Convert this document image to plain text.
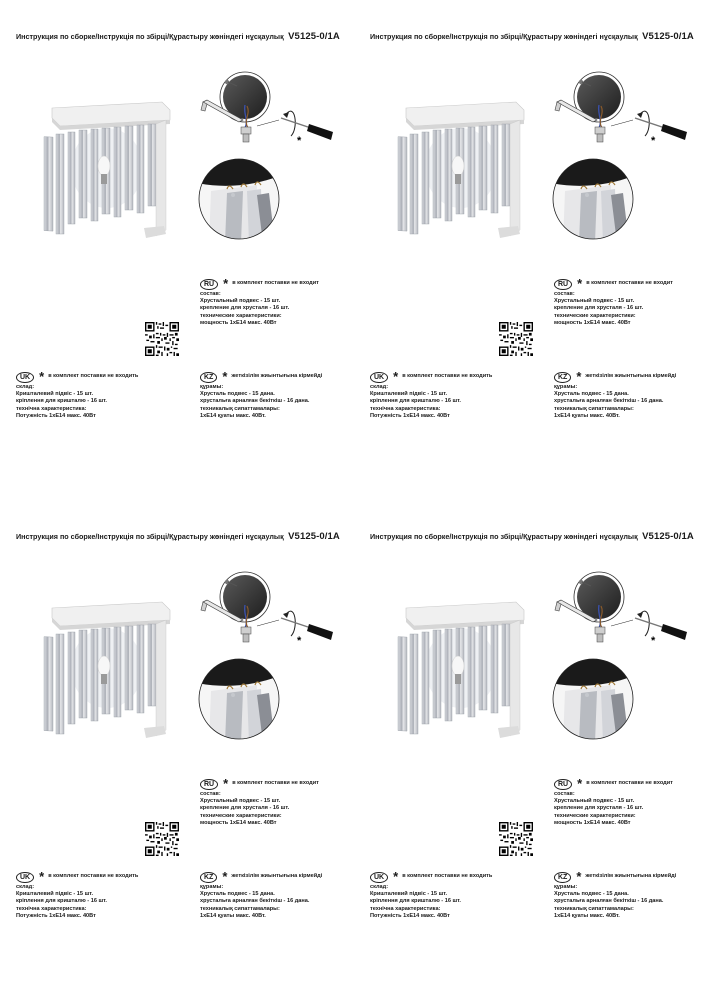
Инструкция по сборке/Інструкція по збірці/Құрастыру жөніндегі нұсқаулық V5125-0/1A
RU * в комплект поставки не входит
состав:
Хрустальный подвес - 15 шт.
крепление для хрусталя - 16 шт.
технические характеристики:
мощность 1хЕ14 макс. 40Вт
UK * в комплект поставки не входить
склад:
Кришталевий підвіс - 15 шт.
кріплення для кришталю - 16 шт.
технічна характеристика:
Потужність 1хЕ14 макс. 40Вт
KZ * жеткізілім жиынтығына кірмейді
құрамы:
Хрусталь подвес - 15 дана.
хрустальға арналған бекіткіш - 16 дана.
техникалық сипаттамалары:
1хЕ14 қуаты макс. 40Вт.
Инструкция по сборке/Інструкція по збірці/Құрастыру жөніндегі нұсқаулық V5125-0/1A
RU * в комплект поставки не входит
состав:
Хрустальный подвес - 15 шт.
крепление для хрусталя - 16 шт.
технические характеристики:
мощность 1хЕ14 макс. 40Вт
UK * в комплект поставки не входить
склад:
Кришталевий підвіс - 15 шт.
кріплення для кришталю - 16 шт.
технічна характеристика:
Потужність 1хЕ14 макс. 40Вт
KZ * жеткізілім жиынтығына кірмейді
құрамы:
Хрусталь подвес - 15 дана.
хрустальға арналған бекіткіш - 16 дана.
техникалық сипаттамалары:
1хЕ14 қуаты макс. 40Вт.
Инструкция по сборке/Інструкція по збірці/Құрастыру жөніндегі нұсқаулық V5125-0/1A
RU * в комплект поставки не входит
состав:
Хрустальный подвес - 15 шт.
крепление для хрусталя - 16 шт.
технические характеристики:
мощность 1хЕ14 макс. 40Вт
UK * в комплект поставки не входить
склад:
Кришталевий підвіс - 15 шт.
кріплення для кришталю - 16 шт.
технічна характеристика:
Потужність 1хЕ14 макс. 40Вт
KZ * жеткізілім жиынтығына кірмейді
құрамы:
Хрусталь подвес - 15 дана.
хрустальға арналған бекіткіш - 16 дана.
техникалық сипаттамалары:
1хЕ14 қуаты макс. 40Вт.
Инструкция по сборке/Інструкція по збірці/Құрастыру жөніндегі нұсқаулық V5125-0/1A
RU * в комплект поставки не входит
состав:
Хрустальный подвес - 15 шт.
крепление для хрусталя - 16 шт.
технические характеристики:
мощность 1хЕ14 макс. 40Вт
UK * в комплект поставки не входить
склад:
Кришталевий підвіс - 15 шт.
кріплення для кришталю - 16 шт.
технічна характеристика:
Потужність 1хЕ14 макс. 40Вт
KZ * жеткізілім жиынтығына кірмейді
құрамы:
Хрусталь подвес - 15 дана.
хрустальға арналған бекіткіш - 16 дана.
техникалық сипаттамалары:
1хЕ14 қуаты макс. 40Вт.
